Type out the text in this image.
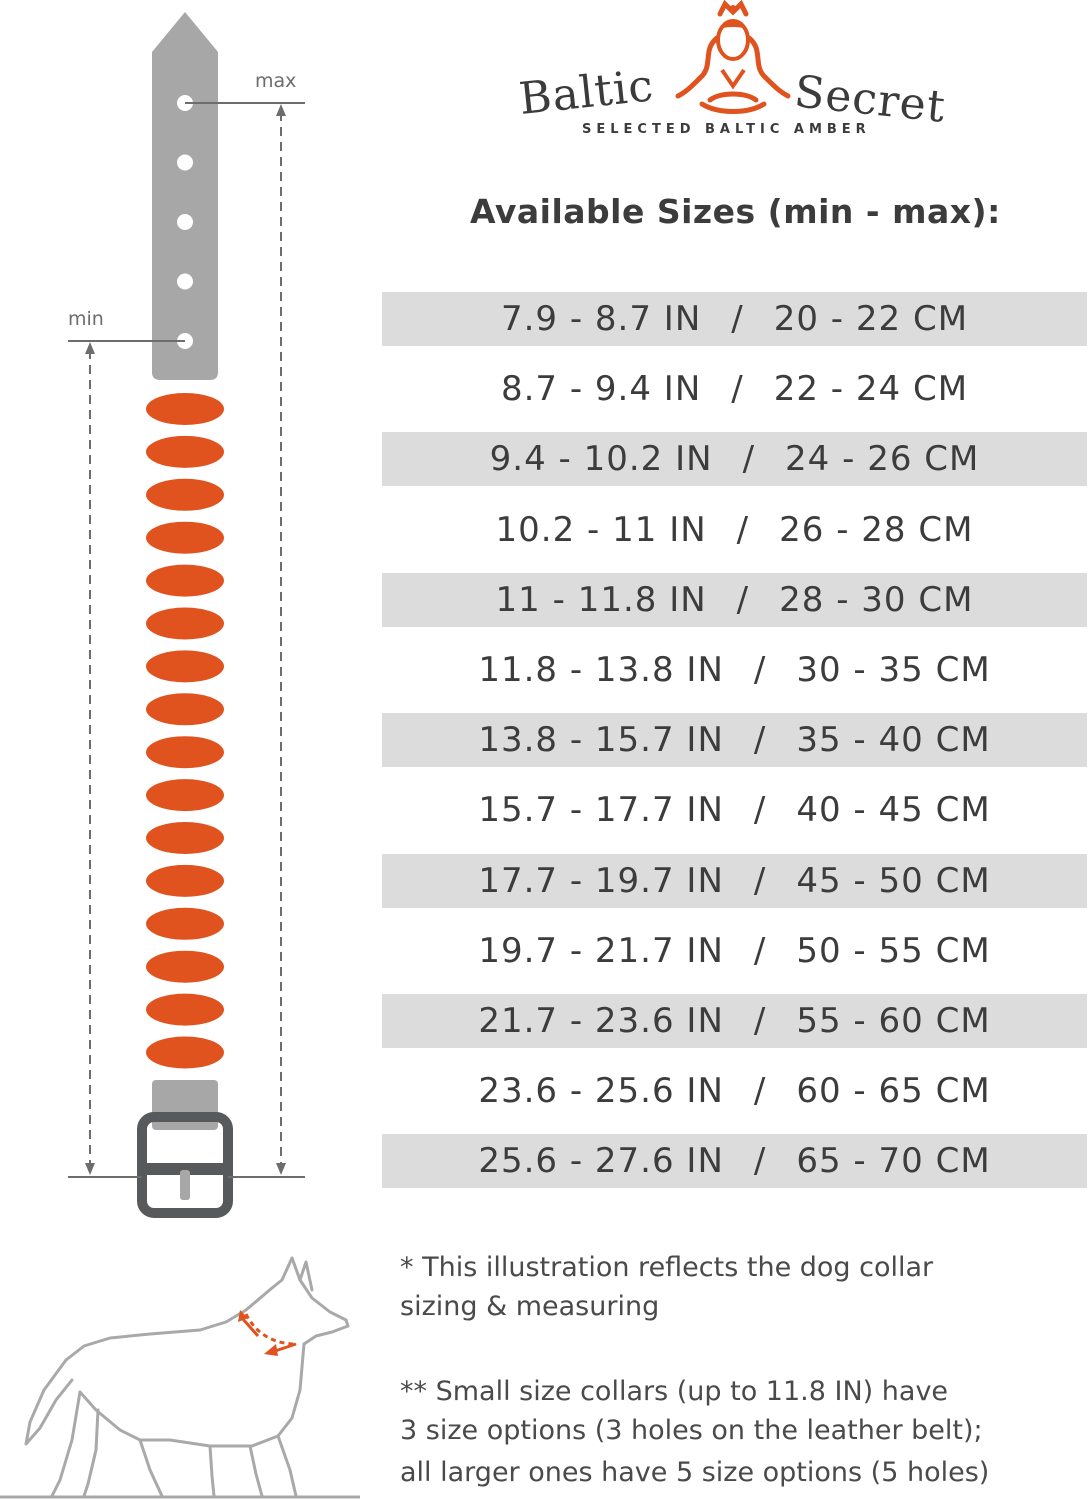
max
min
Baltic	Secret
SELECTED BALTIC AMBER
Available Sizes (min - max):
7.9 - 8.7 IN / 20 - 22 CM
8.7 - 9.4 IN / 22 - 24 CM
9.4 - 10.2 IN / 24 - 26 CM
10.2 - 11 IN / 26 - 28 CM
11 - 11.8 IN / 28 - 30 CM
11.8 - 13.8 IN / 30 - 35 CM
13.8 - 15.7 IN / 35 - 40 CM
15.7 - 17.7 IN / 40 - 45 CM
17.7 - 19.7 IN / 45 - 50 CM
19.7 - 21.7 IN / 50 - 55 CM
21.7 - 23.6 IN / 55 - 60 CM
23.6 - 25.6 IN / 60 - 65 CM
25.6 - 27.6 IN / 65 - 70 CM
* This illustration reflects the dog collar
sizing & measuring
** Small size collars (up to 11.8 IN) have
3 size options (3 holes on the leather belt);
all larger ones have 5 size options (5 holes)
